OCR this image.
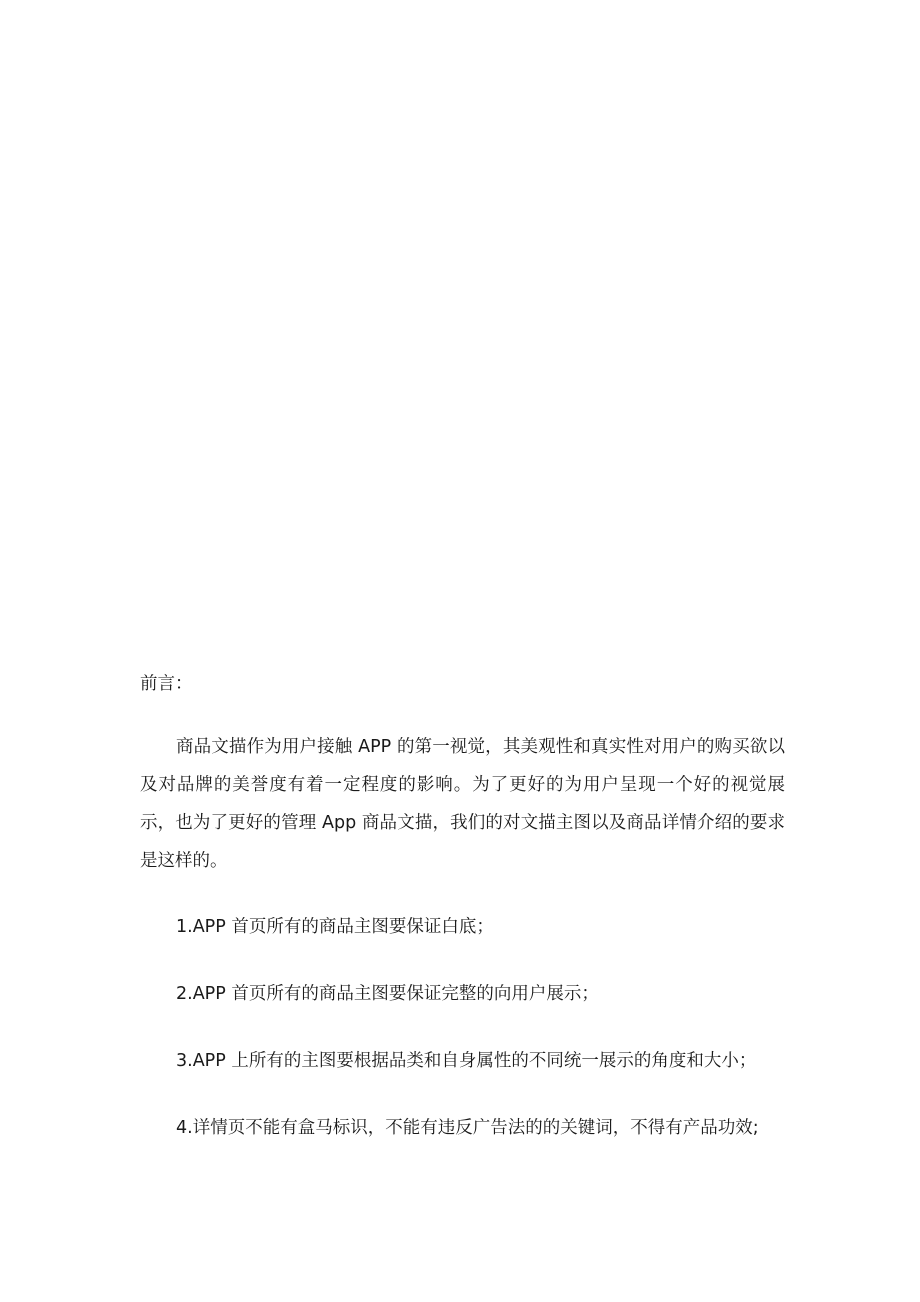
前言：

商品文描作为用户接触 APP 的第一视觉，其美观性和真实性对用户的购买欲以及对品牌的美誉度有着一定程度的影响。为了更好的为用户呈现一个好的视觉展示，也为了更好的管理 App 商品文描，我们的对文描主图以及商品详情介绍的要求是这样的。

1.APP 首页所有的商品主图要保证白底；
2.APP 首页所有的商品主图要保证完整的向用户展示；
3.APP 上所有的主图要根据品类和自身属性的不同统一展示的角度和大小；
4.详情页不能有盒马标识，不能有违反广告法的的关键词，不得有产品功效;
